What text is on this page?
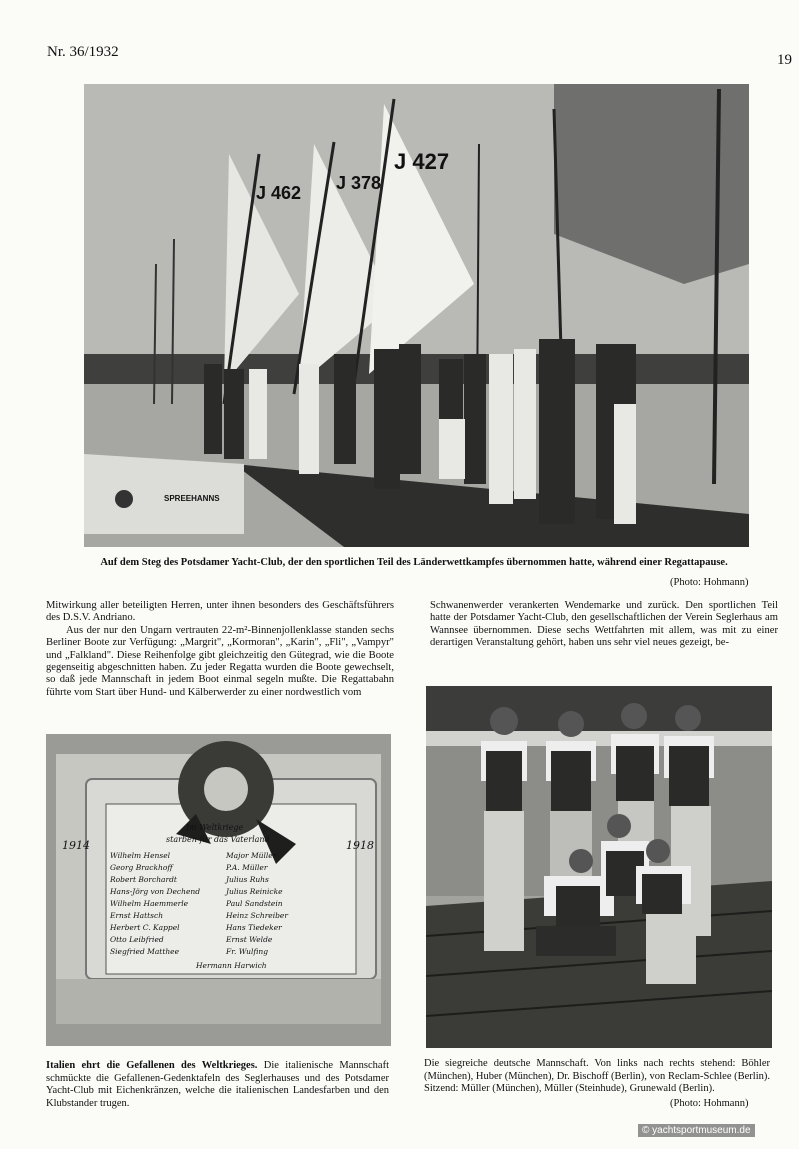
Nr. 36/1932	19
J 462 J 378
J 427
SPREEHANNS
Auf dem Steg des Potsdamer Yacht-Club, der den sportlichen Teil des Länderwettkampfes übernommen hatte, während einer Regattapause.
(Photo: Hohmann)

Mitwirkung aller beteiligten Herren, unter ihnen besonders des Geschäftsführers des D.S.V. Andriano.

Aus der nur den Ungarn vertrauten 22-m²-Binnenjollenklasse standen sechs Berliner Boote zur Verfügung: „Margrit", „Kormoran", „Karin", „Fli", „Vampyr" und „Falkland". Diese Reihenfolge gibt gleichzeitig den Gütegrad, wie die Boote gegenseitig abgeschnitten haben. Zu jeder Regatta wurden die Boote gewechselt, so daß jede Mannschaft in jedem Boot einmal segeln mußte. Die Regattabahn führte vom Start über Hund- und Kälberwerder zu einer nordwestlich vom

Schwanenwerder verankerten Wendemarke und zurück. Den sportlichen Teil hatte der Potsdamer Yacht-Club, den gesellschaftlichen der Verein Seglerhaus am Wannsee übernommen. Diese sechs Wettfahrten mit allem, was mit zu einer derartigen Veranstaltung gehört, haben uns sehr viel neues gezeigt, be-

1914	1918
Im Weltkriege
starben für das Vaterland
Wilhelm Hensel
Georg Brackhoff
Robert Borchardt
Hans-Jörg von Dechend
Wilhelm Haemmerle
Ernst Hattsch
Herbert C. Kappel
Otto Leibfried
Siegfried Matthee
Major Müller
P.A. Müller
Julius Ruhs
Julius Reinicke
Paul Sandstein
Heinz Schreiber
Hans Tiedeker
Ernst Welde
Fr. Wulfing
Hermann Harwich
Italien ehrt die Gefallenen des Weltkrieges. Die italienische Mannschaft schmückte die Gefallenen-Gedenktafeln des Seglerhauses und des Potsdamer Yacht-Club mit Eichenkränzen, welche die italienischen Landesfarben und den Klubstander trugen.
Die siegreiche deutsche Mannschaft. Von links nach rechts stehend: Böhler (München), Huber (München), Dr. Bischoff (Berlin), von Reclam-Schlee (Berlin). Sitzend: Müller (München), Müller (Steinhude), Grunewald (Berlin).
(Photo: Hohmann)
© yachtsportmuseum.de
